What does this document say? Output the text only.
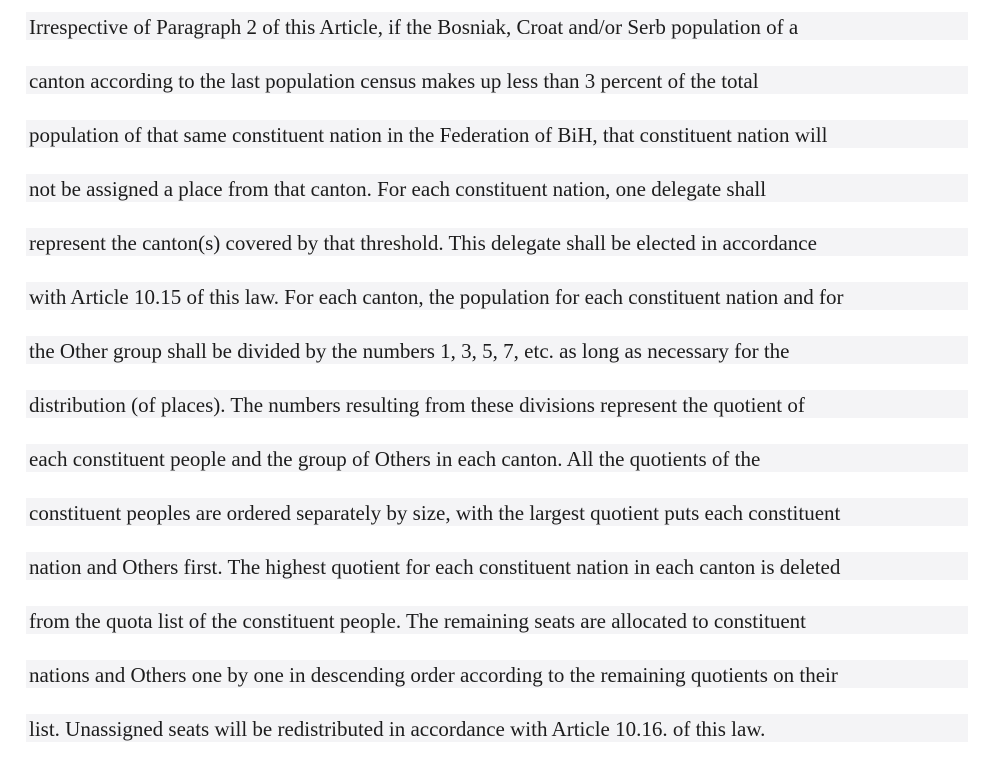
Irrespective of Paragraph 2 of this Article, if the Bosniak, Croat and/or Serb population of a
canton according to the last population census makes up less than 3 percent of the total
population of that same constituent nation in the Federation of BiH, that constituent nation will
not be assigned a place from that canton. For each constituent nation, one delegate shall
represent the canton(s) covered by that threshold. This delegate shall be elected in accordance
with Article 10.15 of this law. For each canton, the population for each constituent nation and for
the Other group shall be divided by the numbers 1, 3, 5, 7, etc. as long as necessary for the
distribution (of places). The numbers resulting from these divisions represent the quotient of
each constituent people and the group of Others in each canton. All the quotients of the
constituent peoples are ordered separately by size, with the largest quotient puts each constituent
nation and Others first. The highest quotient for each constituent nation in each canton is deleted
from the quota list of the constituent people. The remaining seats are allocated to constituent
nations and Others one by one in descending order according to the remaining quotients on their
list. Unassigned seats will be redistributed in accordance with Article 10.16. of this law.
